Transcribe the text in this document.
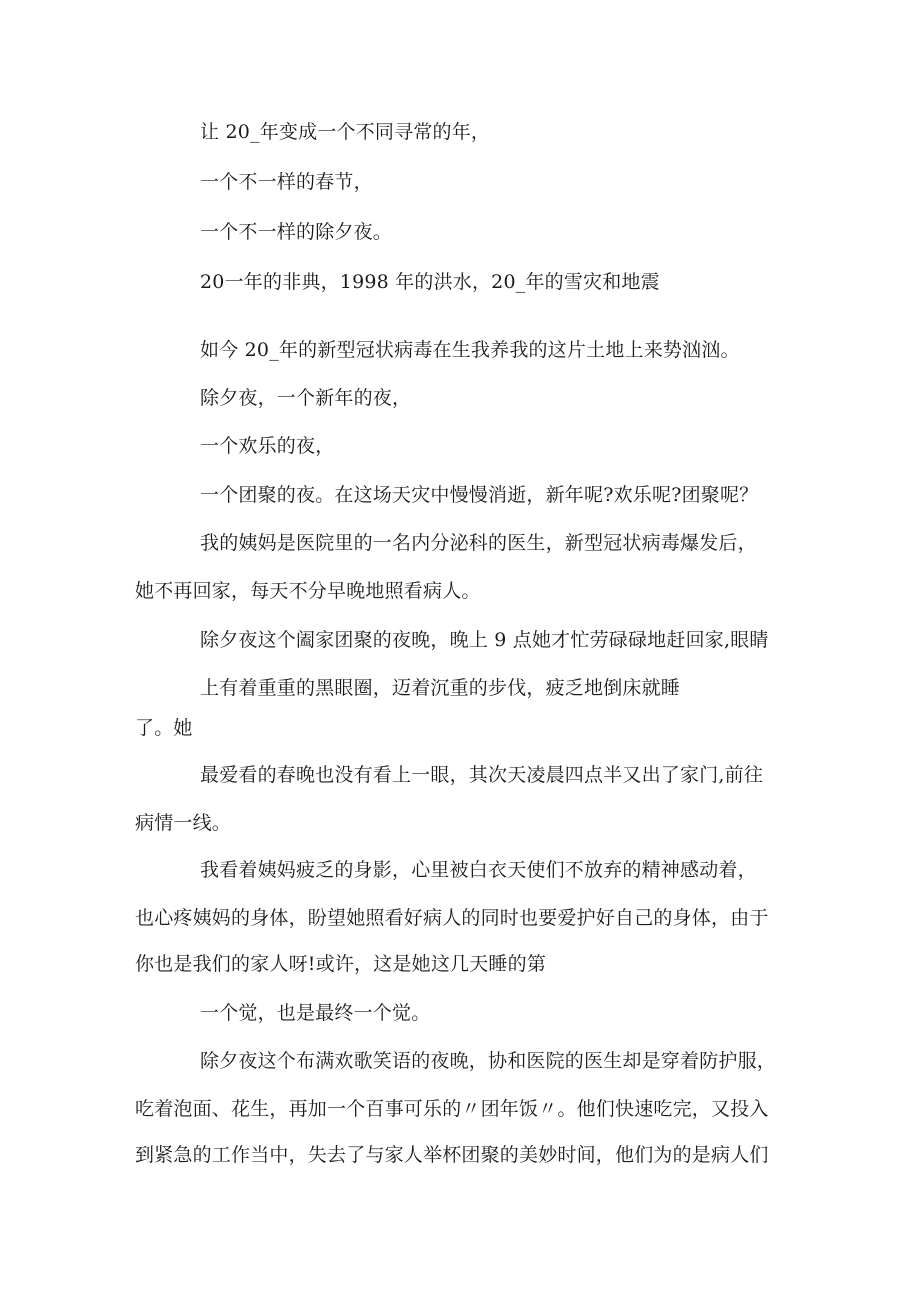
让 20_年变成一个不同寻常的年，
一个不一样的春节，
一个不一样的除夕夜。
20一年的非典，1998 年的洪水，20_年的雪灾和地震
如今 20_年的新型冠状病毒在生我养我的这片土地上来势汹汹。
除夕夜，一个新年的夜，
一个欢乐的夜，
一个团聚的夜。在这场天灾中慢慢消逝，新年呢?欢乐呢?团聚呢？
我的姨妈是医院里的一名内分泌科的医生，新型冠状病毒爆发后，
她不再回家，每天不分早晚地照看病人。
除夕夜这个阖家团聚的夜晚，晚上 9 点她才忙劳碌碌地赶回家,眼睛
上有着重重的黑眼圈，迈着沉重的步伐，疲乏地倒床就睡
了。她
最爱看的春晚也没有看上一眼，其次天凌晨四点半又出了家门,前往
病情一线。
我看着姨妈疲乏的身影，心里被白衣天使们不放弃的精神感动着，
也心疼姨妈的身体，盼望她照看好病人的同时也要爱护好自己的身体，由于
你也是我们的家人呀!或许，这是她这几天睡的第
一个觉，也是最终一个觉。
除夕夜这个布满欢歌笑语的夜晚，协和医院的医生却是穿着防护服，
吃着泡面、花生，再加一个百事可乐的〃团年饭〃。他们快速吃完，又投入
到紧急的工作当中，失去了与家人举杯团聚的美妙时间，他们为的是病人们
